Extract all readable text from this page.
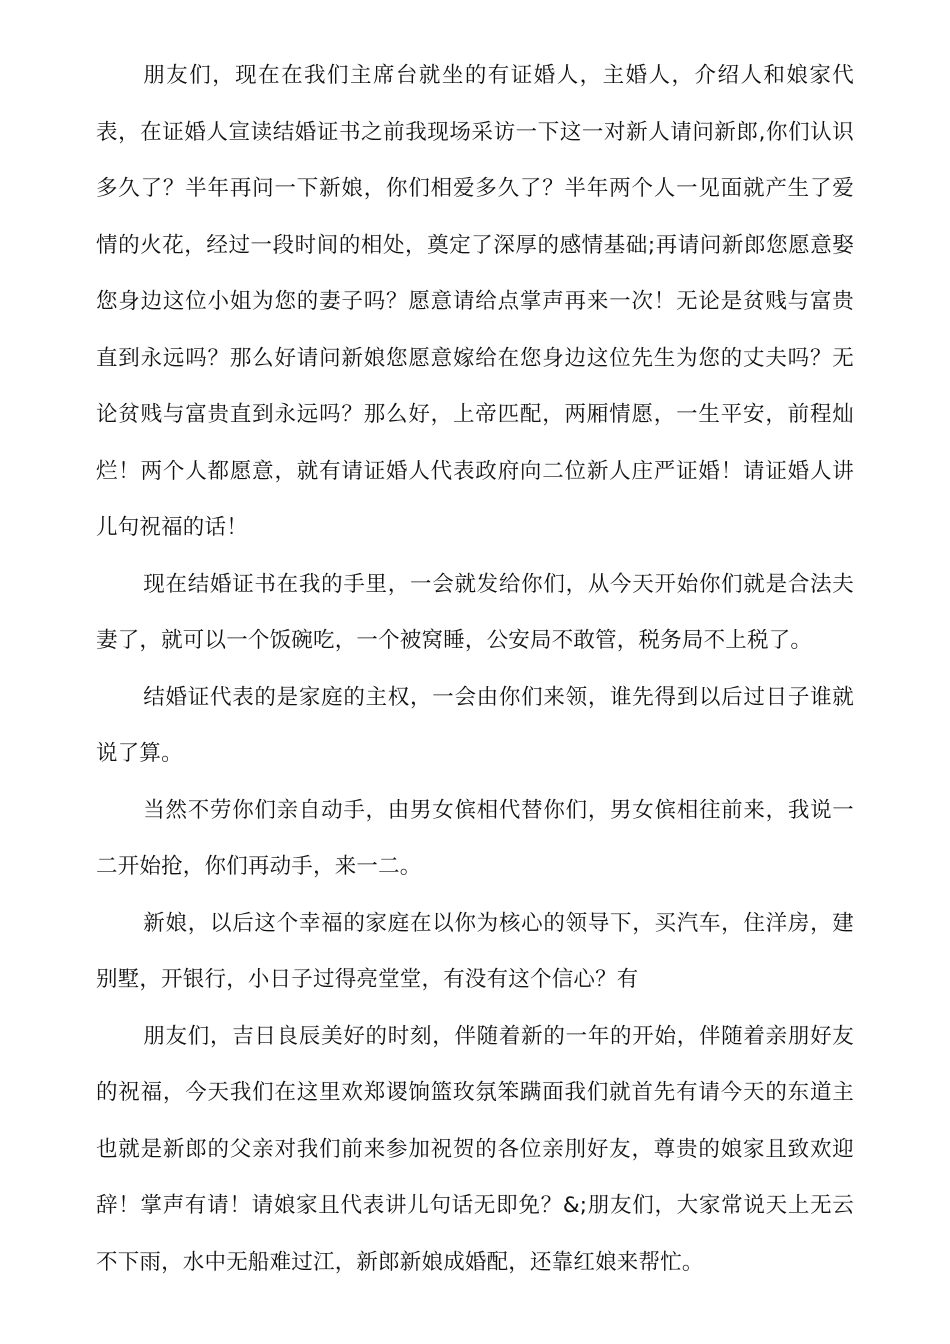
朋友们，现在在我们主席台就坐的有证婚人，主婚人，介绍人和娘家代表，在证婚人宣读结婚证书之前我现场采访一下这一对新人请问新郎,你们认识多久了？半年再问一下新娘，你们相爱多久了？半年两个人一见面就产生了爱情的火花，经过一段时间的相处，奠定了深厚的感情基础;再请问新郎您愿意娶您身边这位小姐为您的妻子吗？愿意请给点掌声再来一次！无论是贫贱与富贵直到永远吗？那么好请问新娘您愿意嫁给在您身边这位先生为您的丈夫吗？无论贫贱与富贵直到永远吗？那么好，上帝匹配，两厢情愿，一生平安，前程灿烂！两个人都愿意，就有请证婚人代表政府向二位新人庄严证婚！请证婚人讲儿句祝福的话！

现在结婚证书在我的手里，一会就发给你们，从今天开始你们就是合法夫妻了，就可以一个饭碗吃，一个被窝睡，公安局不敢管，税务局不上税了。

结婚证代表的是家庭的主权，一会由你们来领，谁先得到以后过日子谁就说了算。

当然不劳你们亲自动手，由男女傧相代替你们，男女傧相往前来，我说一二开始抢，你们再动手，来一二。

新娘，以后这个幸福的家庭在以你为核心的领导下，买汽车，住洋房，建别墅，开银行，小日子过得亮堂堂，有没有这个信心？有

朋友们，吉日良辰美好的时刻，伴随着新的一年的开始，伴随着亲朋好友的祝福，今天我们在这里欢郑谡饷篮玫氛笨蹒面我们就首先有请今天的东道主也就是新郎的父亲对我们前来参加祝贺的各位亲刖好友，尊贵的娘家且致欢迎辞！掌声有请！请娘家且代表讲儿句话无即免？&;朋友们，大家常说天上无云不下雨，水中无船难过江，新郎新娘成婚配，还靠红娘来帮忙。
